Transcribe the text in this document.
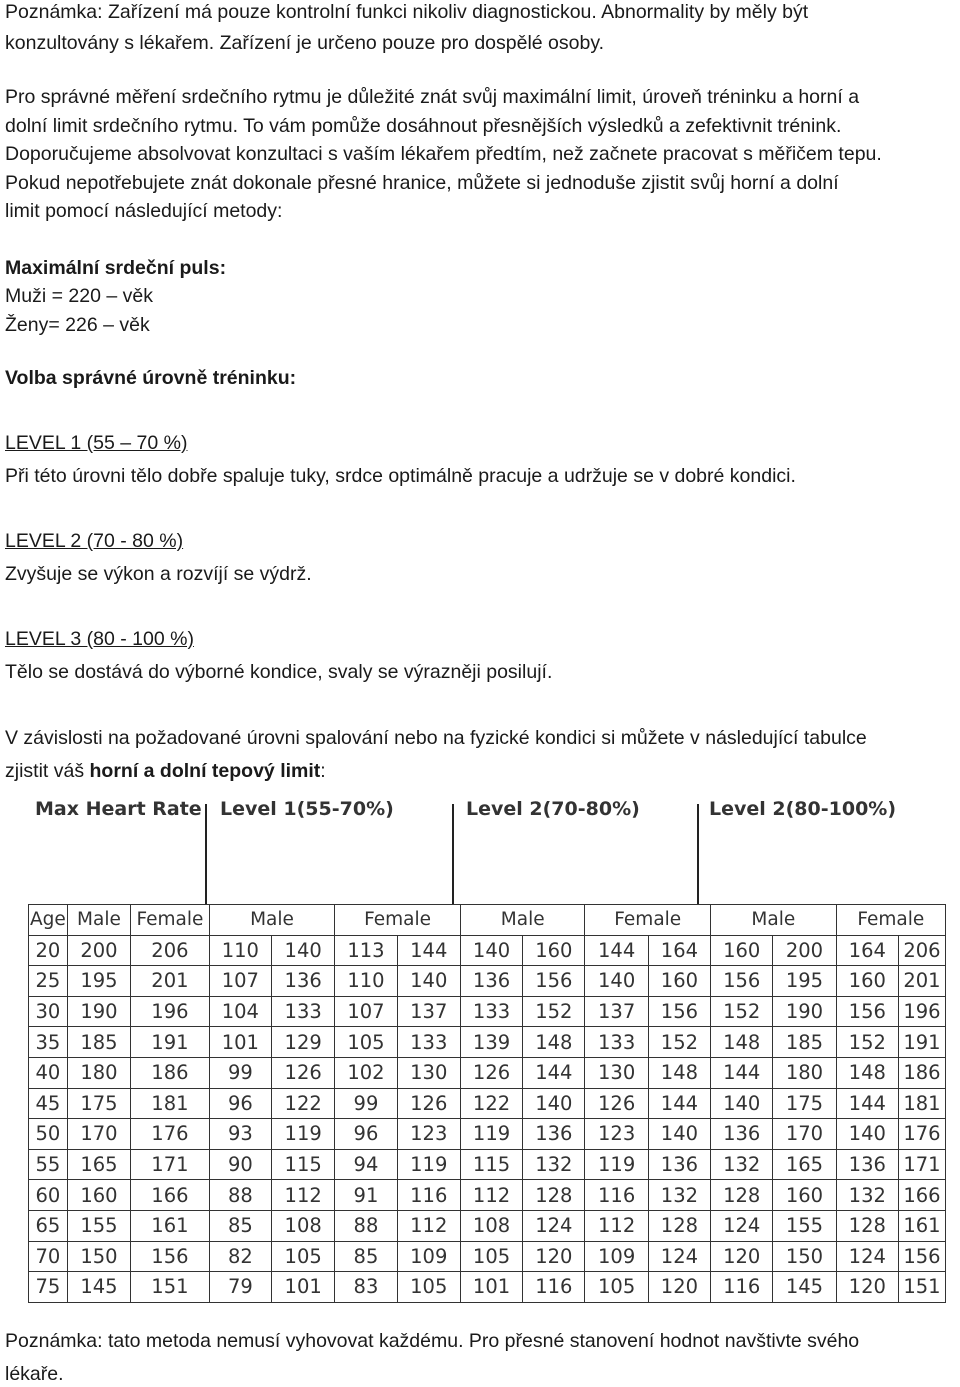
Poznámka: Zařízení má pouze kontrolní funkci nikoliv diagnostickou. Abnormality by měly být
konzultovány s lékařem. Zařízení je určeno pouze pro dospělé osoby.
Pro správné měření srdečního rytmu je důležité znát svůj maximální limit, úroveň tréninku a horní a
dolní limit srdečního rytmu. To vám pomůže dosáhnout přesnějších výsledků a zefektivnit trénink.
Doporučujeme absolvovat konzultaci s vaším lékařem předtím, než začnete pracovat s měřičem tepu.
Pokud nepotřebujete znát dokonale přesné hranice, můžete si jednoduše zjistit svůj horní a dolní
limit pomocí následující metody:
Maximální srdeční puls:
Muži = 220 – věk
Ženy= 226 – věk
Volba správné úrovně tréninku:
LEVEL 1 (55 – 70 %)
Při této úrovni tělo dobře spaluje tuky, srdce optimálně pracuje a udržuje se v dobré kondici.
LEVEL 2 (70 - 80 %)
Zvyšuje se výkon a rozvíjí se výdrž.
LEVEL 3 (80 - 100 %)
Tělo se dostává do výborné kondice, svaly se výrazněji posilují.
V závislosti na požadované úrovni spalování nebo na fyzické kondici si můžete v následující tabulce
zjistit váš horní a dolní tepový limit:
Poznámka: tato metoda nemusí vyhovovat každému. Pro přesné stanovení hodnot navštivte svého
lékaře.
Max Heart Rate Level 1(55-70%)	Level 2(70-80%)	Level 2(80-100%)
Age	Male	Female	Male		Female		Male		Female		Male		Female	
20	200	206	110	140	113	144	140	160	144	164	160	200	164	206
25	195	201	107	136	110	140	136	156	140	160	156	195	160	201
30	190	196	104	133	107	137	133	152	137	156	152	190	156	196
35	185	191	101	129	105	133	139	148	133	152	148	185	152	191
40	180	186	99	126	102	130	126	144	130	148	144	180	148	186
45	175	181	96	122	99	126	122	140	126	144	140	175	144	181
50	170	176	93	119	96	123	119	136	123	140	136	170	140	176
55	165	171	90	115	94	119	115	132	119	136	132	165	136	171
60	160	166	88	112	91	116	112	128	116	132	128	160	132	166
65	155	161	85	108	88	112	108	124	112	128	124	155	128	161
70	150	156	82	105	85	109	105	120	109	124	120	150	124	156
75	145	151	79	101	83	105	101	116	105	120	116	145	120	151
